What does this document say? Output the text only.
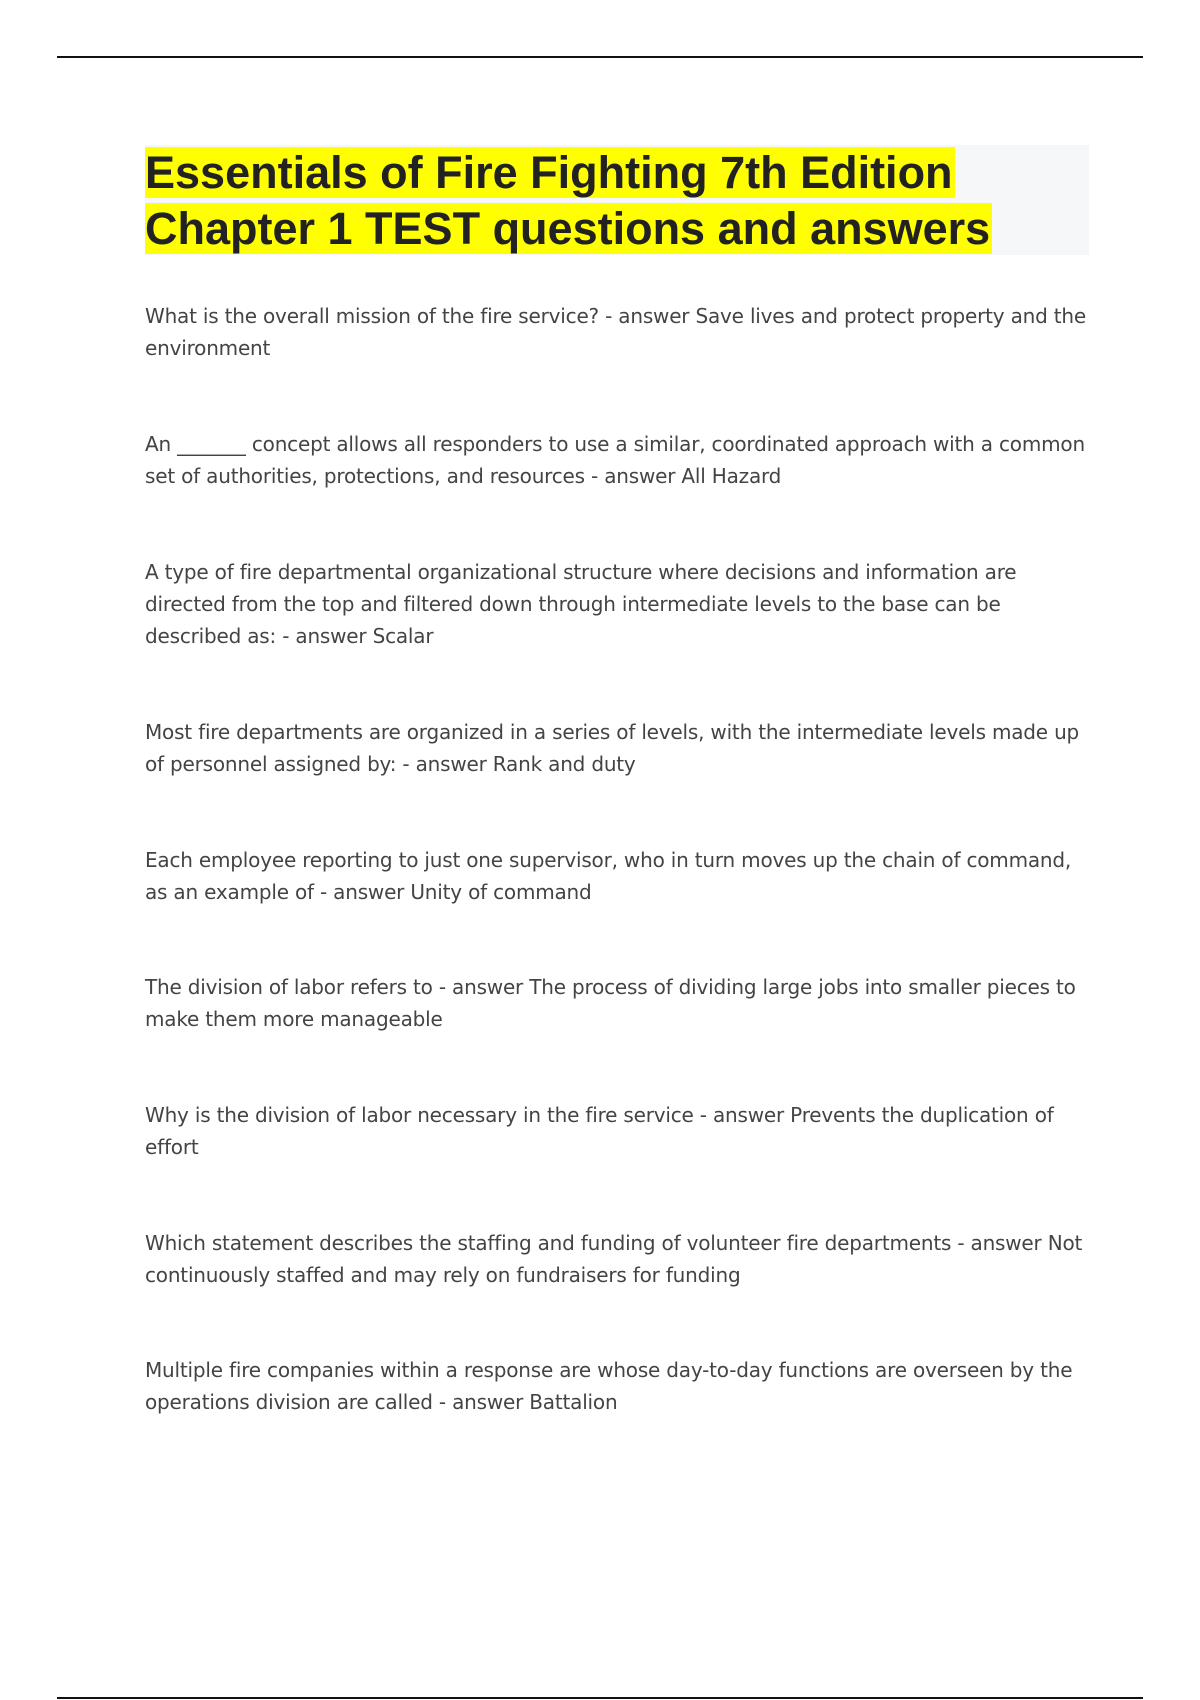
Essentials of Fire Fighting 7th Edition
Chapter 1 TEST questions and answers

What is the overall mission of the fire service? - answer Save lives and protect property and the environment

An _______ concept allows all responders to use a similar, coordinated approach with a common set of authorities, protections, and resources - answer All Hazard

A type of fire departmental organizational structure where decisions and information are directed from the top and filtered down through intermediate levels to the base can be described as: - answer Scalar

Most fire departments are organized in a series of levels, with the intermediate levels made up of personnel assigned by: - answer Rank and duty

Each employee reporting to just one supervisor, who in turn moves up the chain of command, as an example of - answer Unity of command

The division of labor refers to - answer The process of dividing large jobs into smaller pieces to make them more manageable

Why is the division of labor necessary in the fire service - answer Prevents the duplication of effort

Which statement describes the staffing and funding of volunteer fire departments - answer Not continuously staffed and may rely on fundraisers for funding

Multiple fire companies within a response are whose day-to-day functions are overseen by the operations division are called - answer Battalion
